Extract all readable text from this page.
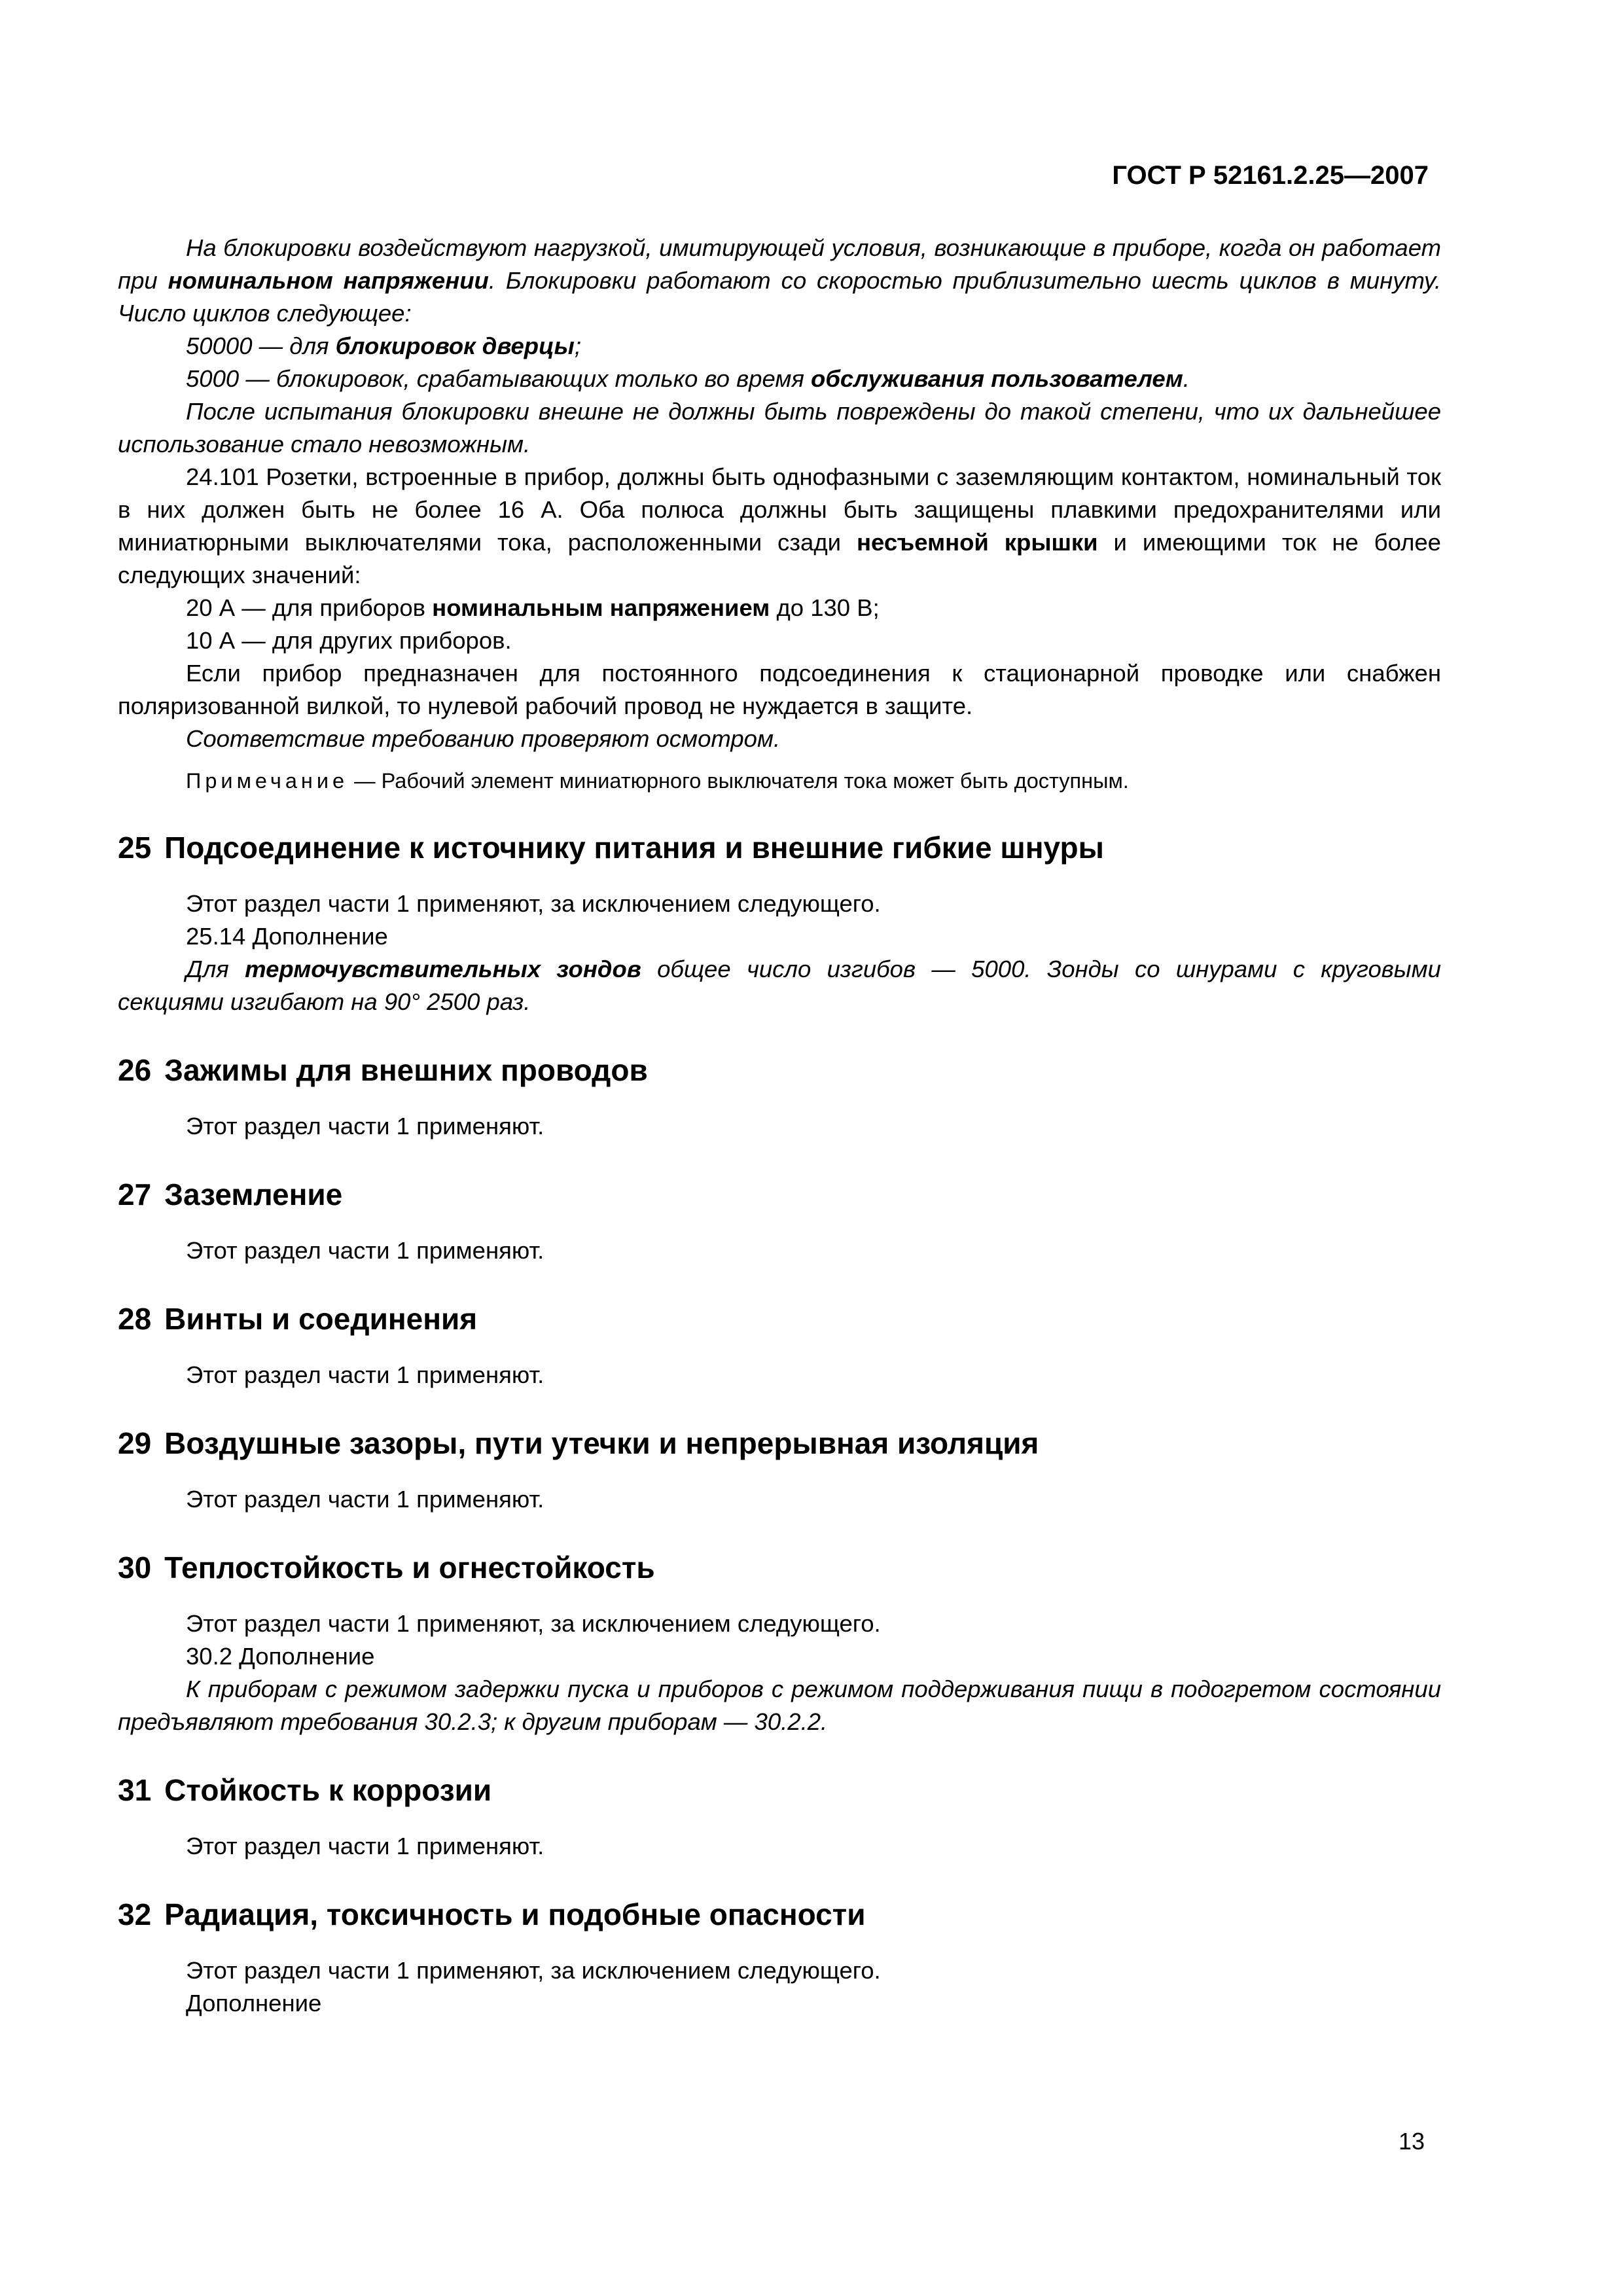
ГОСТ Р 52161.2.25—2007

На блокировки воздействуют нагрузкой, имитирующей условия, возникающие в приборе, когда он работает при номинальном напряжении. Блокировки работают со скоростью приблизительно шесть циклов в минуту. Число циклов следующее:

50000 — для блокировок дверцы;

5000 — блокировок, срабатывающих только во время обслуживания пользователем.

После испытания блокировки внешне не должны быть повреждены до такой степени, что их дальнейшее использование стало невозможным.

24.101 Розетки, встроенные в прибор, должны быть однофазными с заземляющим контактом, номинальный ток в них должен быть не более 16 А. Оба полюса должны быть защищены плавкими предохранителями или миниатюрными выключателями тока, расположенными сзади несъемной крышки и имеющими ток не более следующих значений:

20 А — для приборов номинальным напряжением до 130 В;

10 А — для других приборов.

Если прибор предназначен для постоянного подсоединения к стационарной проводке или снабжен поляризованной вилкой, то нулевой рабочий провод не нуждается в защите.

Соответствие требованию проверяют осмотром.

Примечание — Рабочий элемент миниатюрного выключателя тока может быть доступным.

25 Подсоединение к источнику питания и внешние гибкие шнуры

Этот раздел части 1 применяют, за исключением следующего.

25.14 Дополнение

Для термочувствительных зондов общее число изгибов — 5000. Зонды со шнурами с круговыми секциями изгибают на 90° 2500 раз.

26 Зажимы для внешних проводов

Этот раздел части 1 применяют.

27 Заземление

Этот раздел части 1 применяют.

28 Винты и соединения

Этот раздел части 1 применяют.

29 Воздушные зазоры, пути утечки и непрерывная изоляция

Этот раздел части 1 применяют.

30 Теплостойкость и огнестойкость

Этот раздел части 1 применяют, за исключением следующего.

30.2 Дополнение

К приборам с режимом задержки пуска и приборов с режимом поддерживания пищи в подогретом состоянии предъявляют требования 30.2.3; к другим приборам — 30.2.2.

31 Стойкость к коррозии

Этот раздел части 1 применяют.

32 Радиация, токсичность и подобные опасности

Этот раздел части 1 применяют, за исключением следующего.

Дополнение

13
